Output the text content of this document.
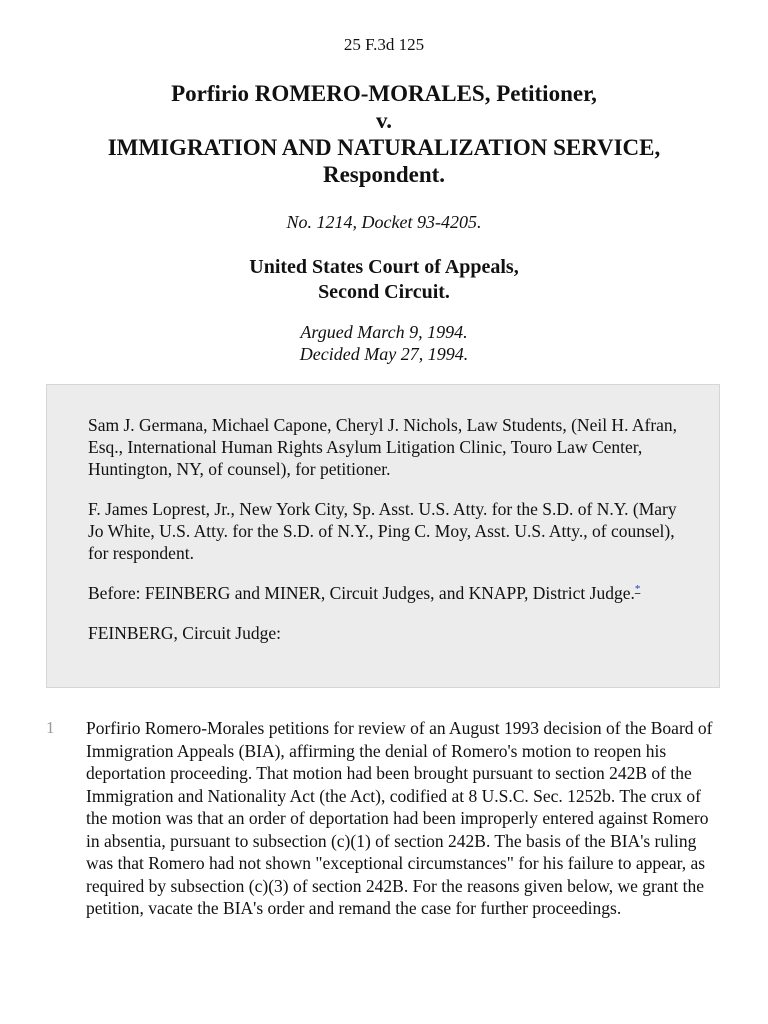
25 F.3d 125
Porfirio ROMERO-MORALES, Petitioner,
v.
IMMIGRATION AND NATURALIZATION SERVICE,
Respondent.
No. 1214, Docket 93-4205.
United States Court of Appeals,
Second Circuit.
Argued March 9, 1994.
Decided May 27, 1994.

Sam J. Germana, Michael Capone, Cheryl J. Nichols, Law Students, (Neil H. Afran, Esq., International Human Rights Asylum Litigation Clinic, Touro Law Center, Huntington, NY, of counsel), for petitioner.

F. James Loprest, Jr., New York City, Sp. Asst. U.S. Atty. for the S.D. of N.Y. (Mary Jo White, U.S. Atty. for the S.D. of N.Y., Ping C. Moy, Asst. U.S. Atty., of counsel), for respondent.

Before: FEINBERG and MINER, Circuit Judges, and KNAPP, District Judge.*

FEINBERG, Circuit Judge:

1 Porfirio Romero-Morales petitions for review of an August 1993 decision of the Board of Immigration Appeals (BIA), affirming the denial of Romero's motion to reopen his deportation proceeding. That motion had been brought pursuant to section 242B of the Immigration and Nationality Act (the Act), codified at 8 U.S.C. Sec. 1252b. The crux of the motion was that an order of deportation had been improperly entered against Romero in absentia, pursuant to subsection (c)(1) of section 242B. The basis of the BIA's ruling was that Romero had not shown "exceptional circumstances" for his failure to appear, as required by subsection (c)(3) of section 242B. For the reasons given below, we grant the petition, vacate the BIA's order and remand the case for further proceedings.
